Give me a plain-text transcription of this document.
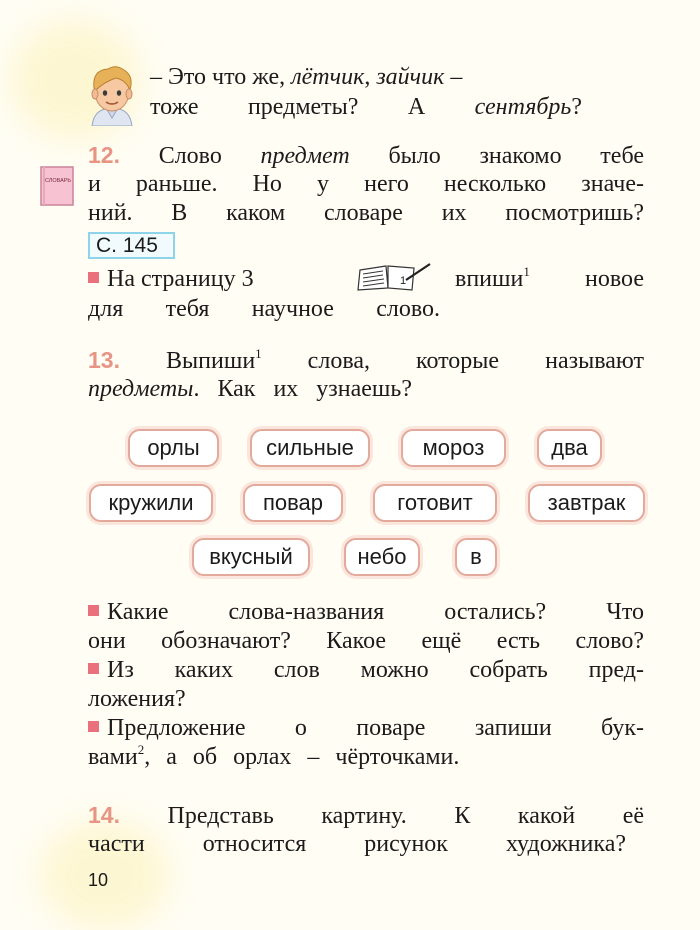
– Это что же, лётчик, зайчик –
тоже предметы? А сентябрь?
12. Слово предмет было знакомо тебе
и раньше. Но у него несколько значе-
ний. В каком словаре их посмотришь?
СЛОВАРЬ
С. 145
На страницу 3	1 впиши$^1$ новое
для тебя научное слово.
13. Выпиши$^1$ слова, которые называют
предметы. Как их узнаешь?
орлы	сильные	мороз	два
кружили	повар	готовит	завтрак
вкусный	небо	в
Какие слова-названия остались? Что
они обозначают? Какое ещё есть слово?
Из каких слов можно собрать пред-
ложения?
Предложение о поваре запиши бук-
вами$^2$, а об орлах – чёрточками.
14. Представь картину. К какой её
части относится рисунок художника?
10
